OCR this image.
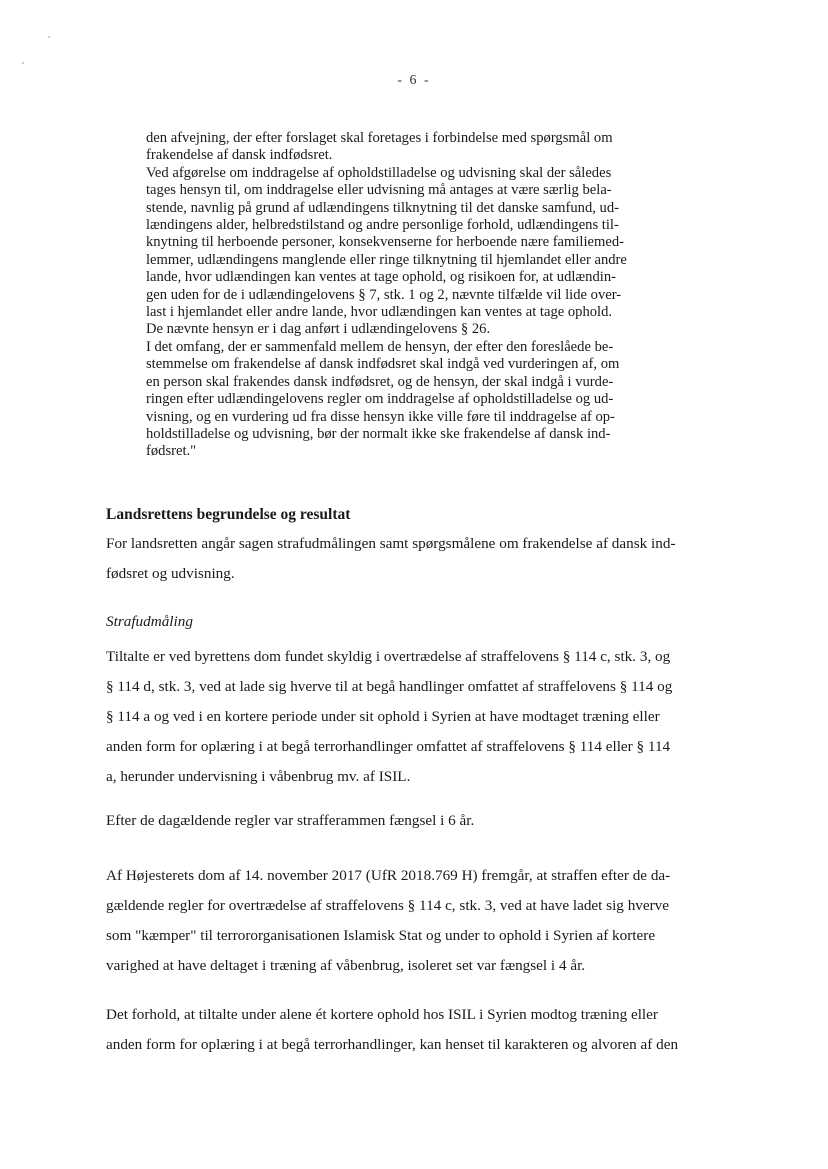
- 6 -
den afvejning, der efter forslaget skal foretages i forbindelse med spørgsmål om
frakendelse af dansk indfødsret.
Ved afgørelse om inddragelse af opholdstilladelse og udvisning skal der således
tages hensyn til, om inddragelse eller udvisning må antages at være særlig bela-
stende, navnlig på grund af udlændingens tilknytning til det danske samfund, ud-
lændingens alder, helbredstilstand og andre personlige forhold, udlændingens til-
knytning til herboende personer, konsekvenserne for herboende nære familiemed-
lemmer, udlændingens manglende eller ringe tilknytning til hjemlandet eller andre
lande, hvor udlændingen kan ventes at tage ophold, og risikoen for, at udlændin-
gen uden for de i udlændingelovens § 7, stk. 1 og 2, nævnte tilfælde vil lide over-
last i hjemlandet eller andre lande, hvor udlændingen kan ventes at tage ophold.
De nævnte hensyn er i dag anført i udlændingelovens § 26.
I det omfang, der er sammenfald mellem de hensyn, der efter den foreslåede be-
stemmelse om frakendelse af dansk indfødsret skal indgå ved vurderingen af, om
en person skal frakendes dansk indfødsret, og de hensyn, der skal indgå i vurde-
ringen efter udlændingelovens regler om inddragelse af opholdstilladelse og ud-
visning, og en vurdering ud fra disse hensyn ikke ville føre til inddragelse af op-
holdstilladelse og udvisning, bør der normalt ikke ske frakendelse af dansk ind-
fødsret."
Landsrettens begrundelse og resultat
For landsretten angår sagen strafudmålingen samt spørgsmålene om frakendelse af dansk ind-
fødsret og udvisning.
Strafudmåling
Tiltalte er ved byrettens dom fundet skyldig i overtrædelse af straffelovens § 114 c, stk. 3, og
§ 114 d, stk. 3, ved at lade sig hverve til at begå handlinger omfattet af straffelovens § 114 og
§ 114 a og ved i en kortere periode under sit ophold i Syrien at have modtaget træning eller
anden form for oplæring i at begå terrorhandlinger omfattet af straffelovens § 114 eller § 114
a, herunder undervisning i våbenbrug mv. af ISIL.
Efter de dagældende regler var strafferammen fængsel i 6 år.
Af Højesterets dom af 14. november 2017 (UfR 2018.769 H) fremgår, at straffen efter de da-
gældende regler for overtrædelse af straffelovens § 114 c, stk. 3, ved at have ladet sig hverve
som "kæmper" til terrororganisationen Islamisk Stat og under to ophold i Syrien af kortere
varighed at have deltaget i træning af våbenbrug, isoleret set var fængsel i 4 år.
Det forhold, at tiltalte under alene ét kortere ophold hos ISIL i Syrien modtog træning eller
anden form for oplæring i at begå terrorhandlinger, kan henset til karakteren og alvoren af den
